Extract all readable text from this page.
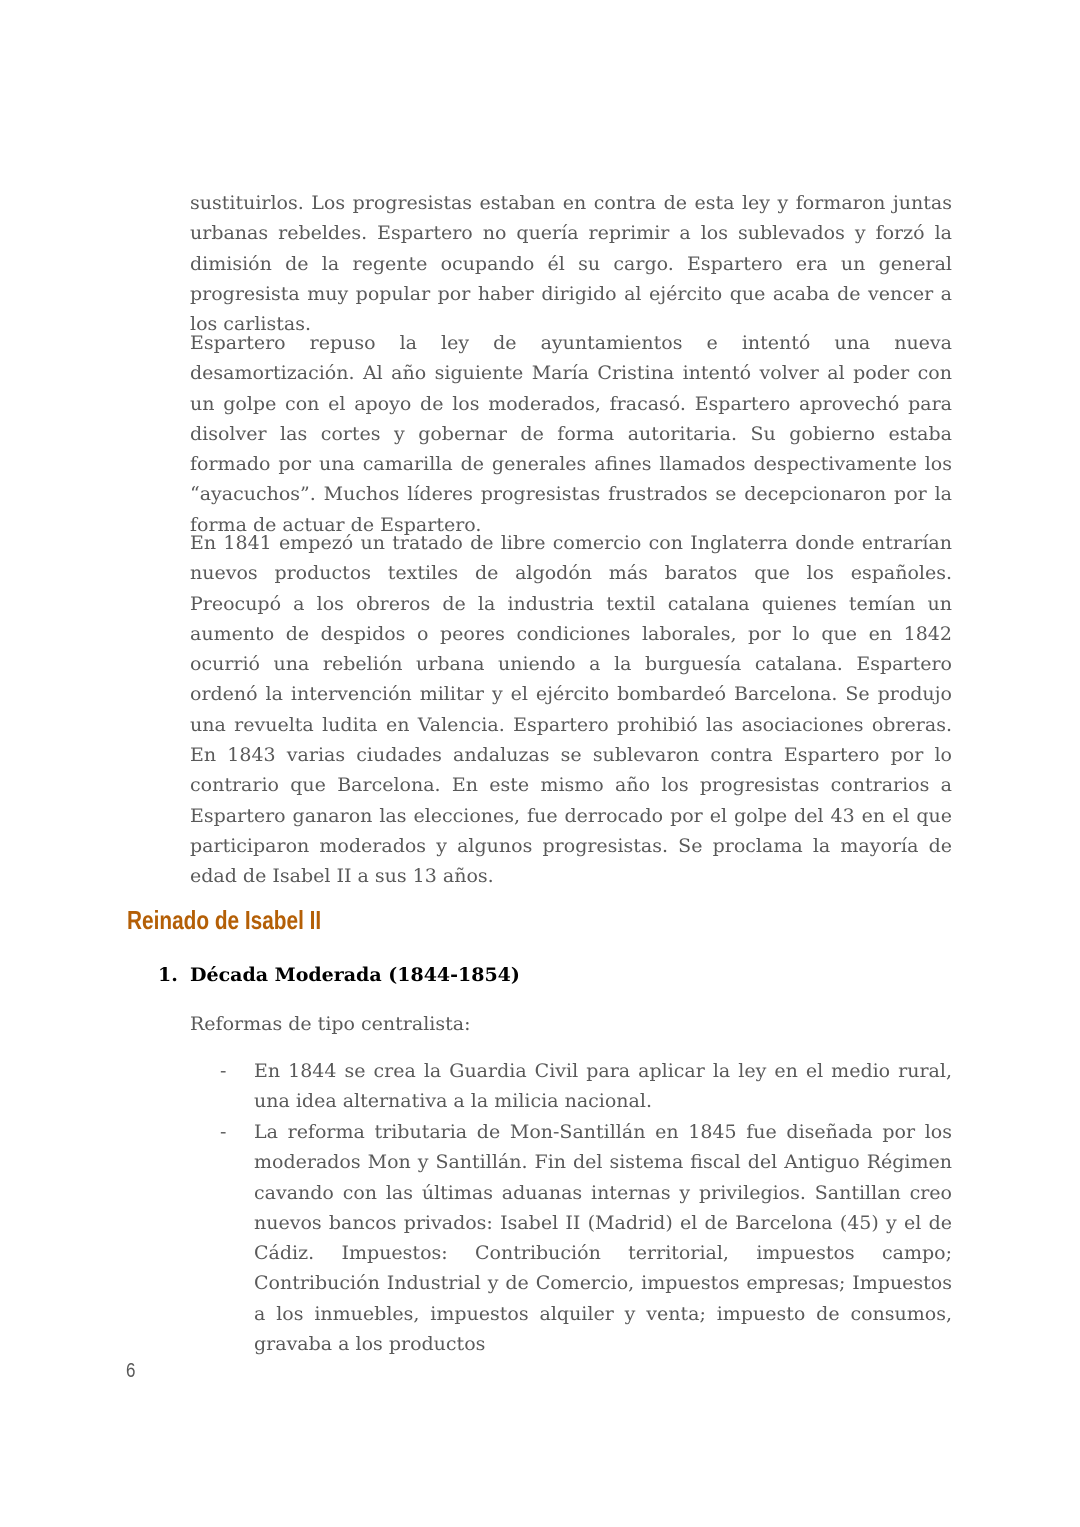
sustituirlos. Los progresistas estaban en contra de esta ley y formaron juntas urbanas rebeldes. Espartero no quería reprimir a los sublevados y forzó la dimisión de la regente ocupando él su cargo. Espartero era un general progresista muy popular por haber dirigido al ejército que acaba de vencer a los carlistas.

Espartero repuso la ley de ayuntamientos e intentó una nueva desamortización. Al año siguiente María Cristina intentó volver al poder con un golpe con el apoyo de los moderados, fracasó. Espartero aprovechó para disolver las cortes y gobernar de forma autoritaria. Su gobierno estaba formado por una camarilla de generales afines llamados despectivamente los “ayacuchos”. Muchos líderes progresistas frustrados se decepcionaron por la forma de actuar de Espartero.

En 1841 empezó un tratado de libre comercio con Inglaterra donde entrarían nuevos productos textiles de algodón más baratos que los españoles. Preocupó a los obreros de la industria textil catalana quienes temían un aumento de despidos o peores condiciones laborales, por lo que en 1842 ocurrió una rebelión urbana uniendo a la burguesía catalana. Espartero ordenó la intervención militar y el ejército bombardeó Barcelona. Se produjo una revuelta ludita en Valencia. Espartero prohibió las asociaciones obreras. En 1843 varias ciudades andaluzas se sublevaron contra Espartero por lo contrario que Barcelona. En este mismo año los progresistas contrarios a Espartero ganaron las elecciones, fue derrocado por el golpe del 43 en el que participaron moderados y algunos progresistas. Se proclama la mayoría de edad de Isabel II a sus 13 años.

Reinado de Isabel II
1. Década Moderada (1844-1854)

Reformas de tipo centralista:

- En 1844 se crea la Guardia Civil para aplicar la ley en el medio rural, una idea alternativa a la milicia nacional.

- La reforma tributaria de Mon-Santillán en 1845 fue diseñada por los moderados Mon y Santillán. Fin del sistema fiscal del Antiguo Régimen cavando con las últimas aduanas internas y privilegios. Santillan creo nuevos bancos privados: Isabel II (Madrid) el de Barcelona (45) y el de Cádiz. Impuestos: Contribución territorial, impuestos campo; Contribución Industrial y de Comercio, impuestos empresas; Impuestos a los inmuebles, impuestos alquiler y venta; impuesto de consumos, gravaba a los productos

6
